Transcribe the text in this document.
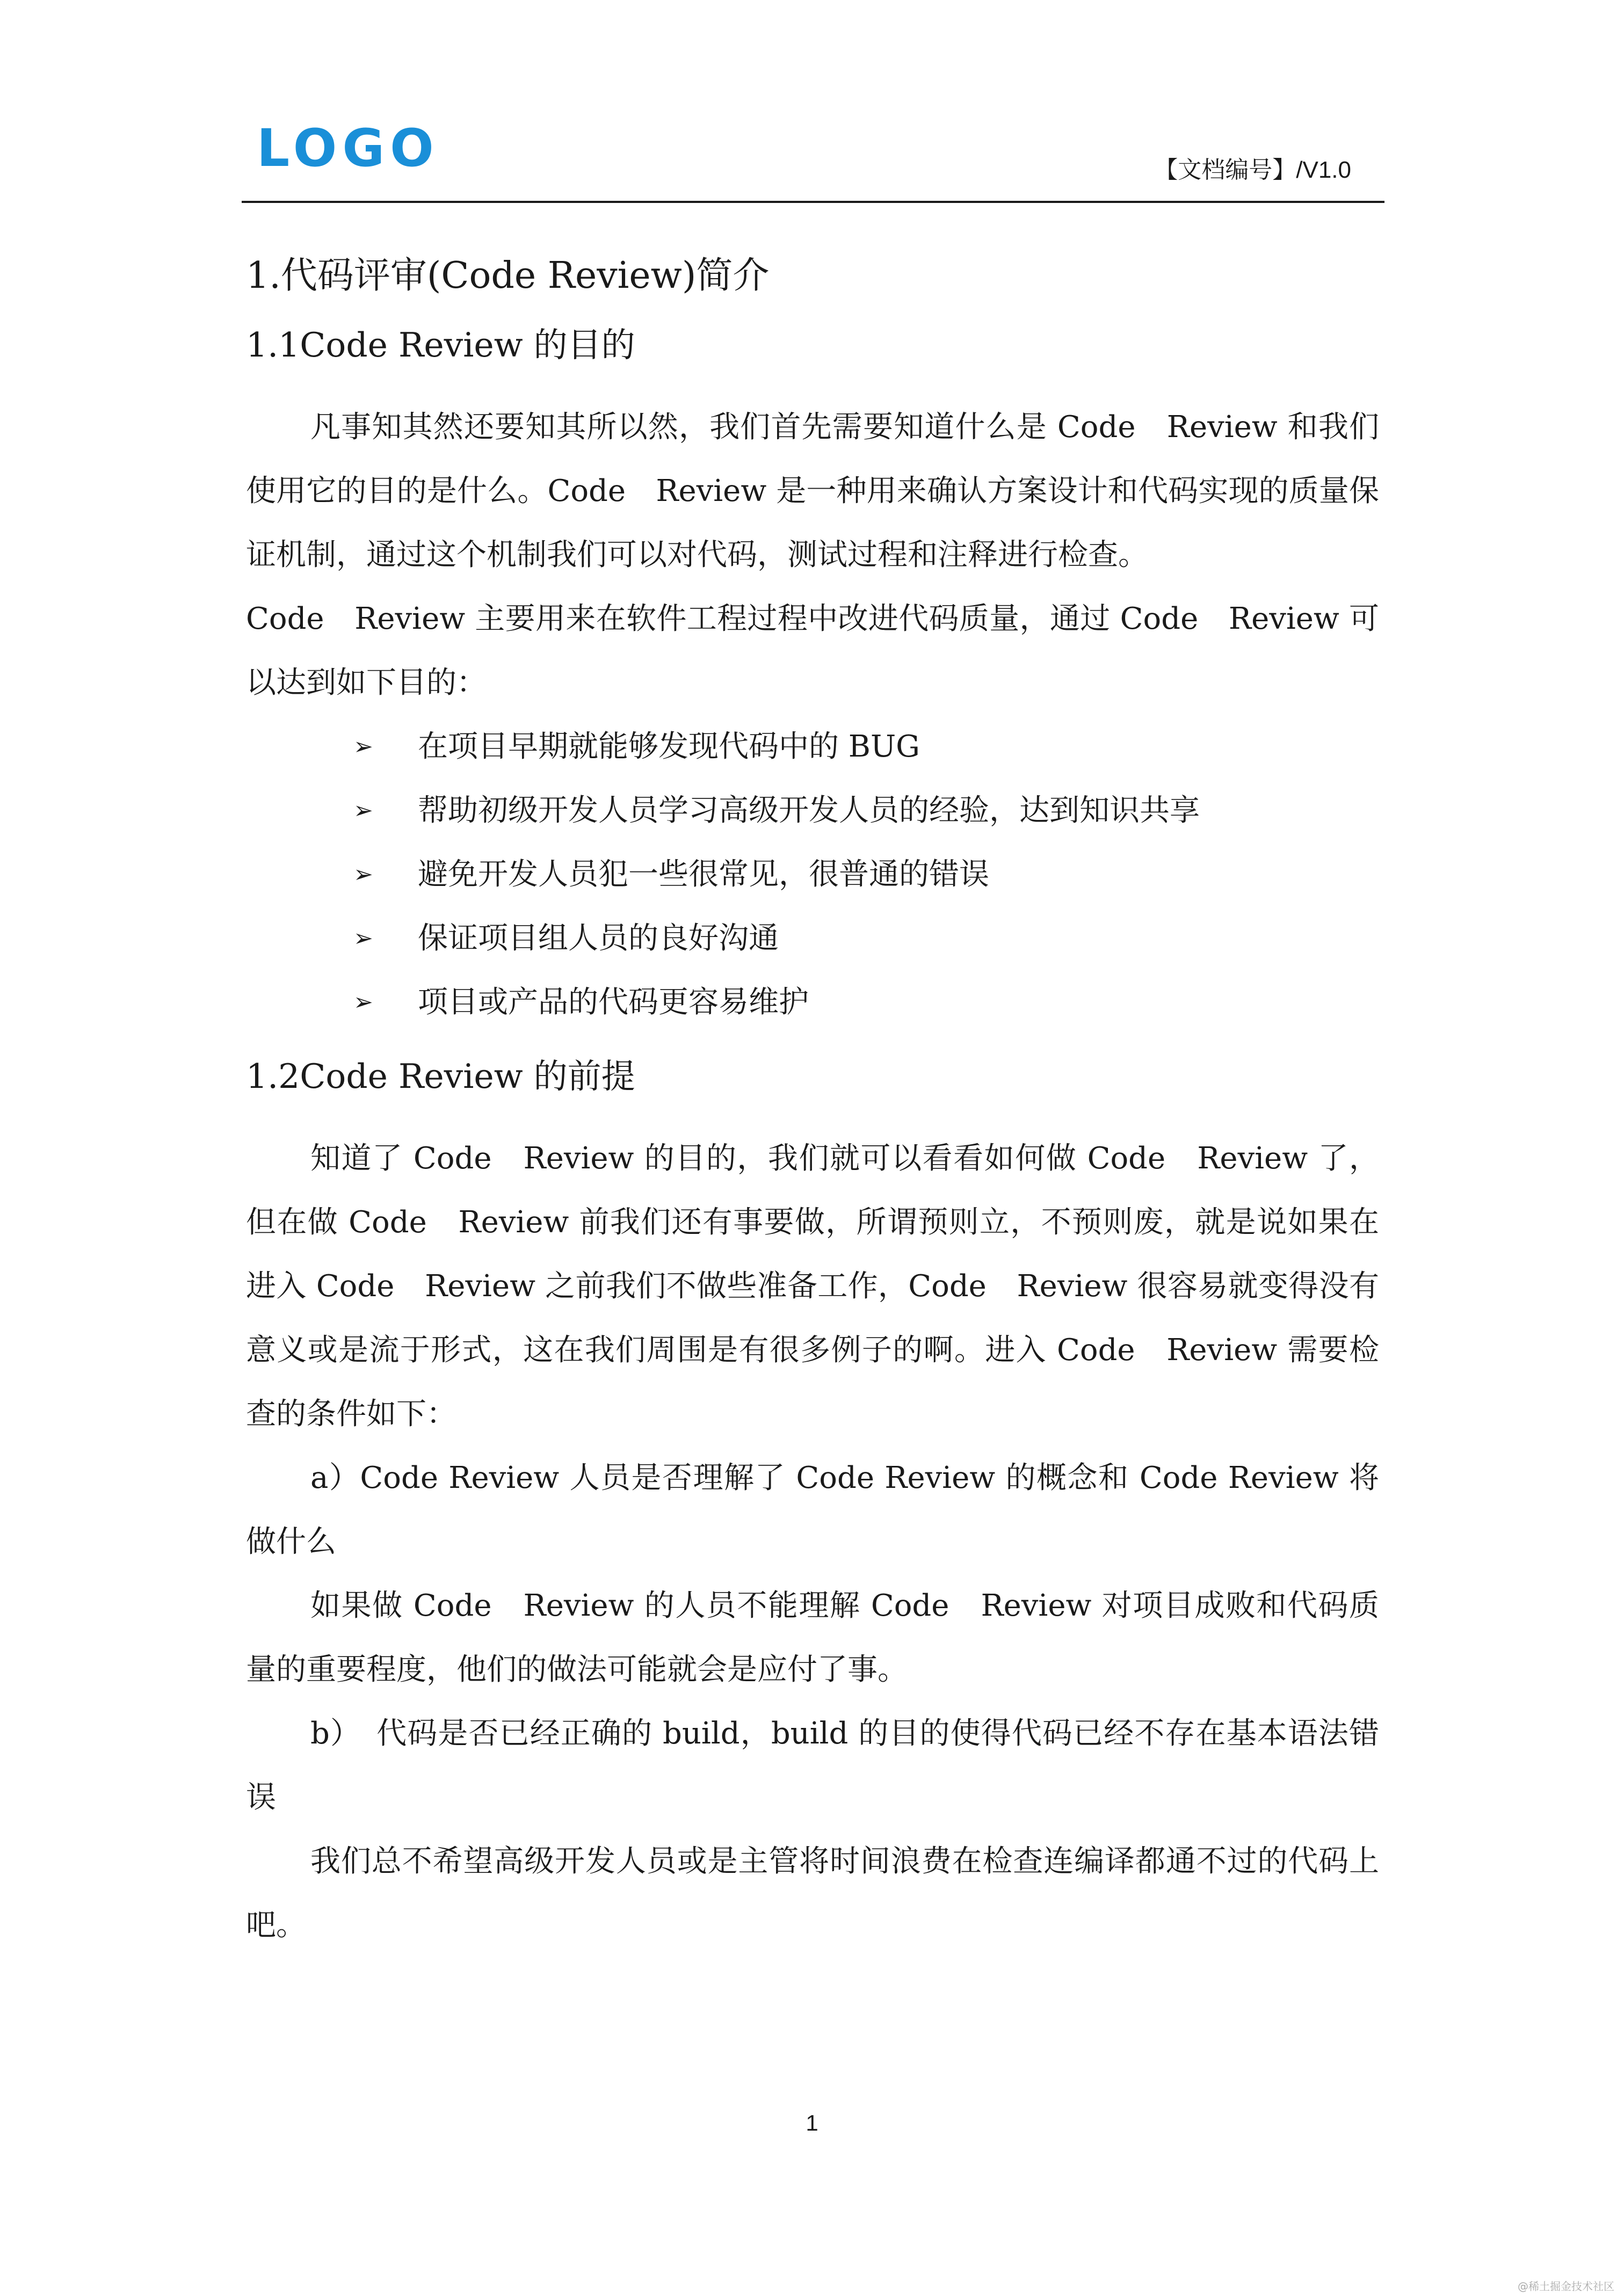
LOGO	【文档编号】/V1.0
1.代码评审(Code Review)简介
1.1Code Review 的目的

凡事知其然还要知其所以然，我们首先需要知道什么是 Code　Review 和我们使用它的目的是什么。Code　Review 是一种用来确认方案设计和代码实现的质量保证机制，通过这个机制我们可以对代码，测试过程和注释进行检查。

Code　Review 主要用来在软件工程过程中改进代码质量，通过 Code　Review 可以达到如下目的：

➢ 在项目早期就能够发现代码中的 BUG
➢ 帮助初级开发人员学习高级开发人员的经验，达到知识共享
➢ 避免开发人员犯一些很常见，很普通的错误
➢ 保证项目组人员的良好沟通
➢ 项目或产品的代码更容易维护
1.2Code Review 的前提

知道了 Code　Review 的目的，我们就可以看看如何做 Code　Review 了，但在做 Code　Review 前我们还有事要做，所谓预则立，不预则废，就是说如果在进入 Code　Review 之前我们不做些准备工作，Code　Review 很容易就变得没有意义或是流于形式，这在我们周围是有很多例子的啊。进入 Code　Review 需要检查的条件如下：

a）Code Review 人员是否理解了 Code Review 的概念和 Code Review 将做什么

如果做 Code　Review 的人员不能理解 Code　Review 对项目成败和代码质量的重要程度，他们的做法可能就会是应付了事。

b）　代码是否已经正确的 build，build 的目的使得代码已经不存在基本语法错误

我们总不希望高级开发人员或是主管将时间浪费在检查连编译都通不过的代码上吧。

1
@稀土掘金技术社区
